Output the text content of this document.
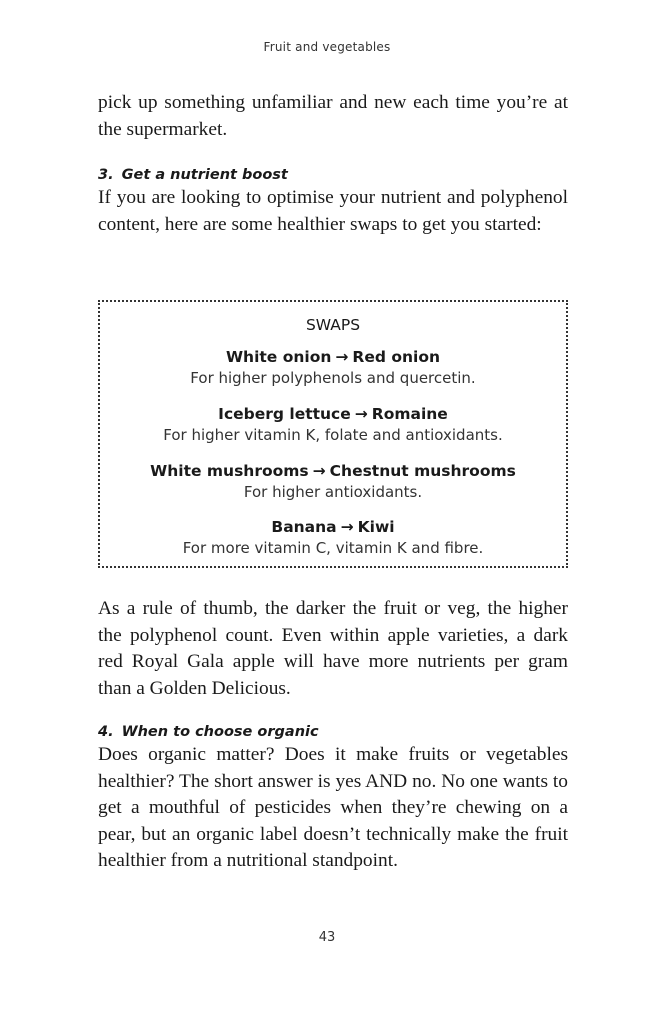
Fruit and vegetables

pick up something unfamiliar and new each time you’re at the supermarket.

3. Get a nutrient boost

If you are looking to optimise your nutrient and polyphenol content, here are some healthier swaps to get you started:

SWAPS
White onion → Red onion
For higher polyphenols and quercetin.
Iceberg lettuce → Romaine
For higher vitamin K, folate and antioxidants.
White mushrooms → Chestnut mushrooms
For higher antioxidants.
Banana → Kiwi
For more vitamin C, vitamin K and fibre.

As a rule of thumb, the darker the fruit or veg, the higher the polyphenol count. Even within apple varieties, a dark red Royal Gala apple will have more nutrients per gram than a Golden Delicious.

4. When to choose organic

Does organic matter? Does it make fruits or vegetables healthier? The short answer is yes AND no. No one wants to get a mouthful of pesticides when they’re chewing on a pear, but an organic label doesn’t technically make the fruit healthier from a nutritional standpoint.

43
